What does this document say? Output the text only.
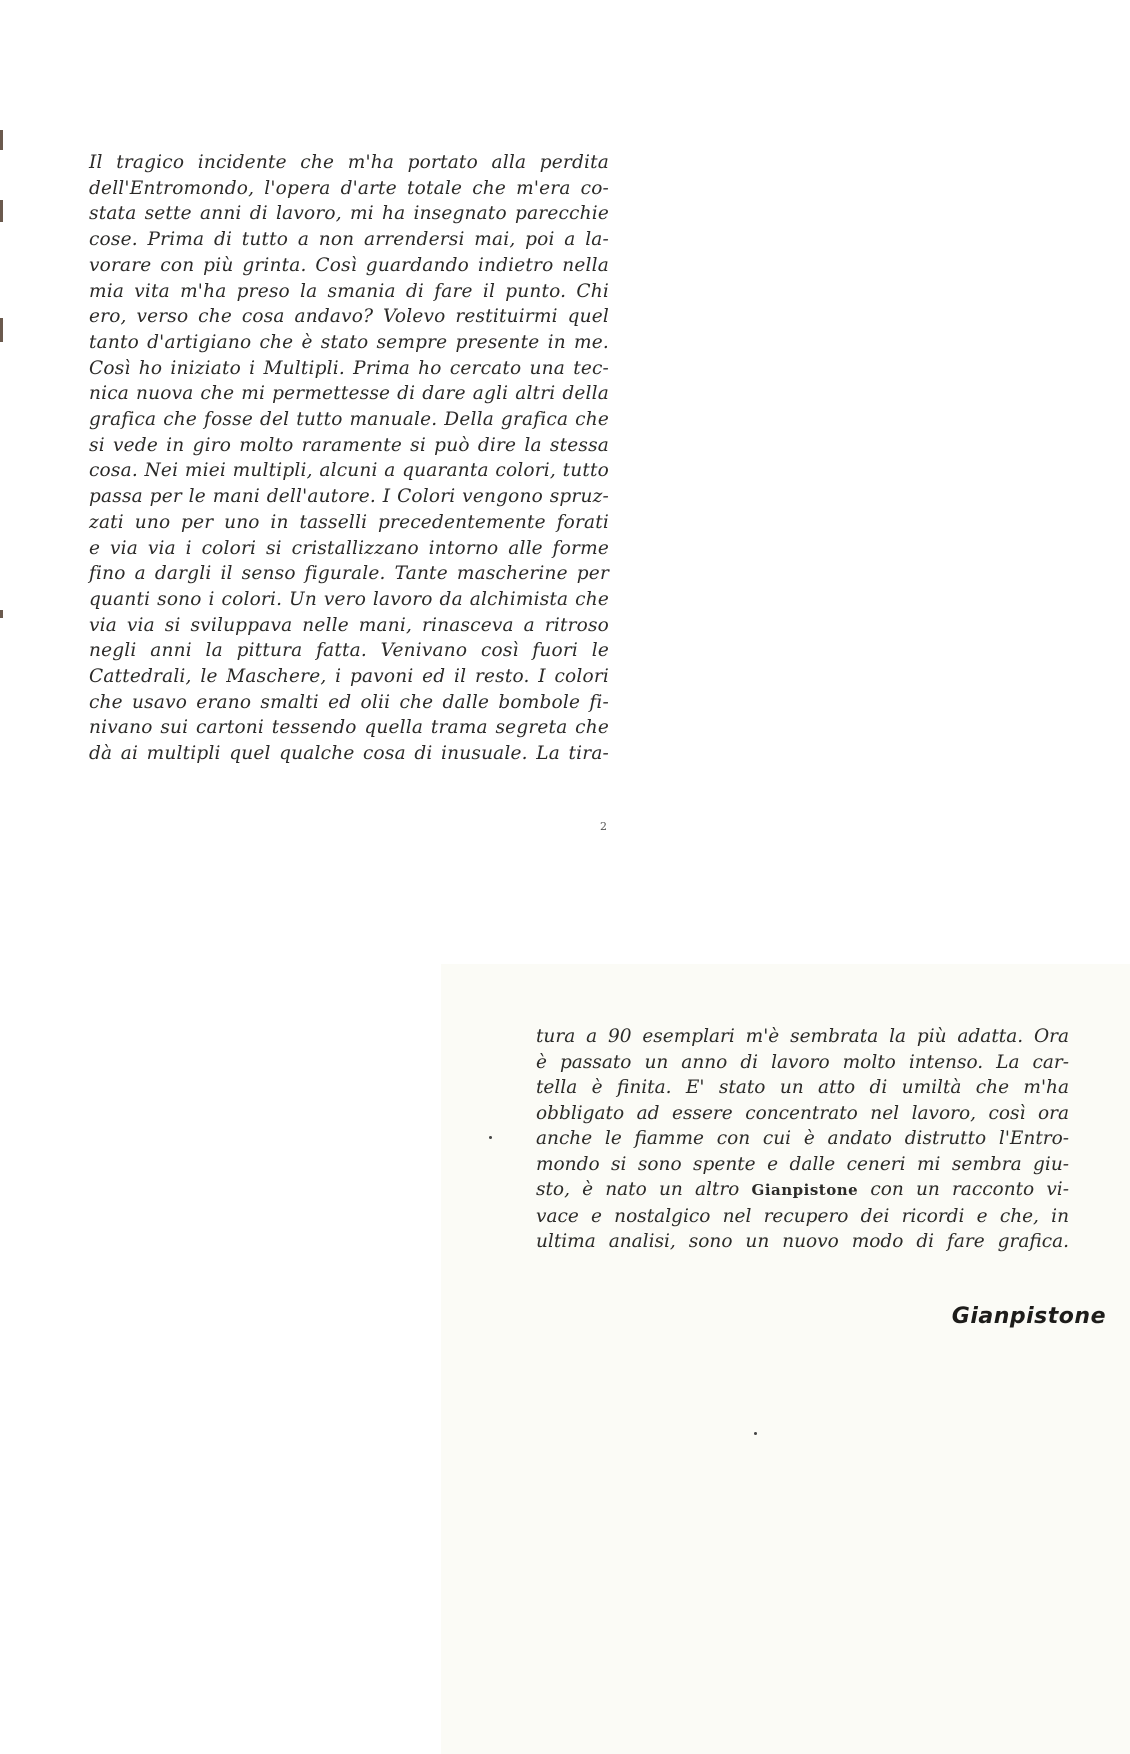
Il tragico incidente che m'ha portato alla perdita
dell'Entromondo, l'opera d'arte totale che m'era co-
stata sette anni di lavoro, mi ha insegnato parecchie
cose. Prima di tutto a non arrendersi mai, poi a la-
vorare con più grinta. Così guardando indietro nella
mia vita m'ha preso la smania di fare il punto. Chi
ero, verso che cosa andavo? Volevo restituirmi quel
tanto d'artigiano che è stato sempre presente in me.
Così ho iniziato i Multipli. Prima ho cercato una tec-
nica nuova che mi permettesse di dare agli altri della
grafica che fosse del tutto manuale. Della grafica che
si vede in giro molto raramente si può dire la stessa
cosa. Nei miei multipli, alcuni a quaranta colori, tutto
passa per le mani dell'autore. I Colori vengono spruz-
zati uno per uno in tasselli precedentemente forati
e via via i colori si cristallizzano intorno alle forme
fino a dargli il senso figurale. Tante mascherine per
quanti sono i colori. Un vero lavoro da alchimista che
via via si sviluppava nelle mani, rinasceva a ritroso
negli anni la pittura fatta. Venivano così fuori le
Cattedrali, le Maschere, i pavoni ed il resto. I colori
che usavo erano smalti ed olii che dalle bombole fi-
nivano sui cartoni tessendo quella trama segreta che
dà ai multipli quel qualche cosa di inusuale. La tira-
2
tura a 90 esemplari m'è sembrata la più adatta. Ora
è passato un anno di lavoro molto intenso. La car-
tella è finita. E' stato un atto di umiltà che m'ha
obbligato ad essere concentrato nel lavoro, così ora
anche le fiamme con cui è andato distrutto l'Entro-
mondo si sono spente e dalle ceneri mi sembra giu-
sto, è nato un altro Gianpistone con un racconto vi-
vace e nostalgico nel recupero dei ricordi e che, in
ultima analisi, sono un nuovo modo di fare grafica.
Gianpistone
